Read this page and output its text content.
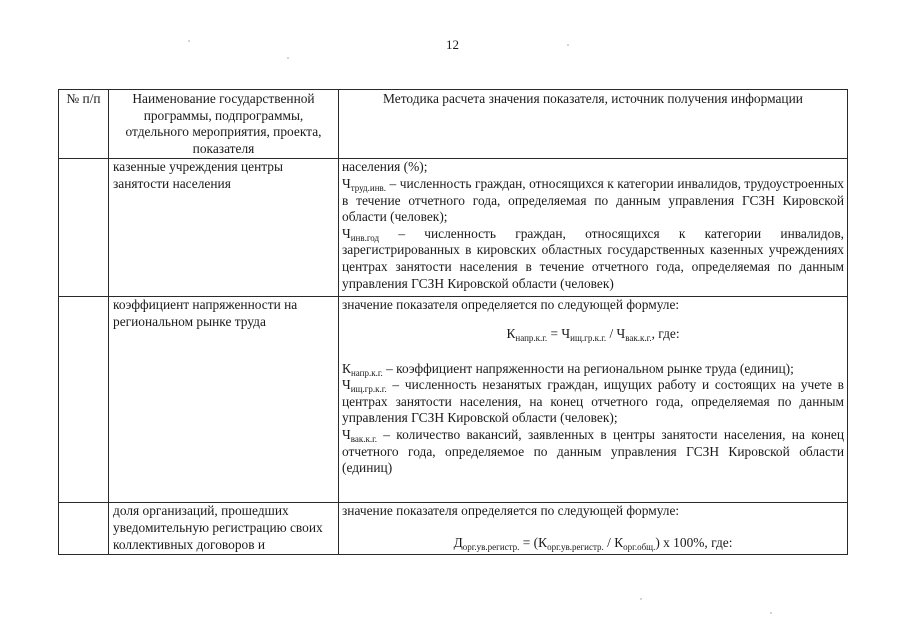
12
№ п/п	Наименование государственной программы, подпрограммы, отдельного мероприятия, проекта, показателя	Методика расчета значения показателя, источник получения информации
	казенные учреждения центры занятости населения	населения (%);
$Ч_{труд.инв.}$ – численность граждан, относящихся к категории инвалидов, трудоустроенных в течение отчетного года, определяемая по данным управления ГСЗН Кировской области (человек);
$Ч_{инв.год}$ – численность граждан, относящихся к категории инвалидов, зарегистрированных в кировских областных государственных казенных учреждениях центрах занятости населения в течение отчетного года, определяемая по данным управления ГСЗН Кировской области (человек)

	коэффициент напряженности на региональном рынке труда	значение показателя определяется по следующей формуле:
$К_{напр.к.г.} = Ч_{ищ.гр.к.г.} / Ч_{вак.к.г.}$, где:
$К_{напр.к.г.}$ – коэффициент напряженности на региональном рынке труда (единиц);
$Ч_{ищ.гр.к.г.}$ – численность незанятых граждан, ищущих работу и состоящих на учете в центрах занятости населения, на конец отчетного года, определяемая по данным управления ГСЗН Кировской области (человек);
$Ч_{вак.к.г.}$ – количество вакансий, заявленных в центры занятости населения, на конец отчетного года, определяемое по данным управления ГСЗН Кировской области (единиц)

	доля организаций, прошедших уведомительную регистрацию своих коллективных договоров и	значение показателя определяется по следующей формуле:
$Д_{орг.ув.регистр.} = (К_{орг.ув.регистр.} / К_{орг.общ.})$ x 100%, где:
